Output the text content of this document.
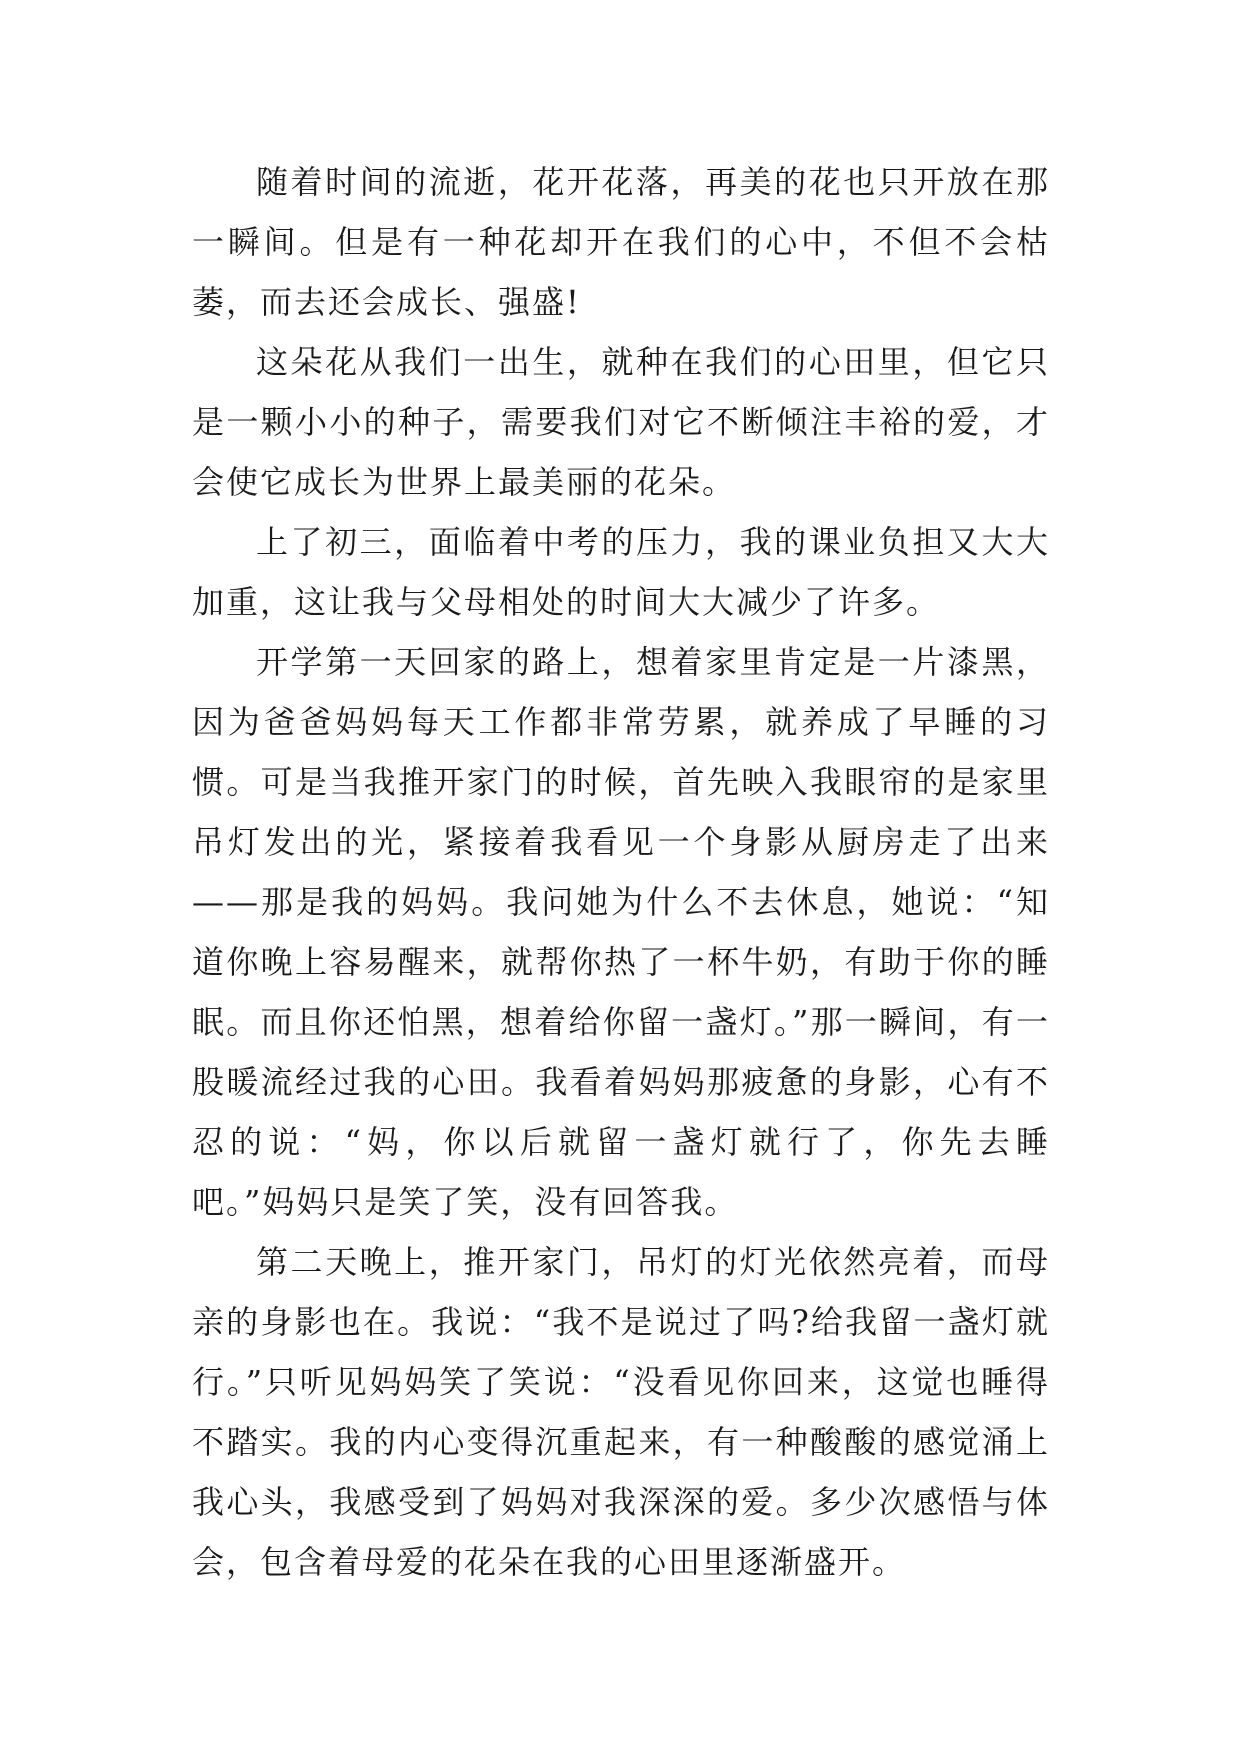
随着时间的流逝，花开花落，再美的花也只开放在那一瞬间。但是有一种花却开在我们的心中，不但不会枯萎，而去还会成长、强盛!

这朵花从我们一出生，就种在我们的心田里，但它只是一颗小小的种子，需要我们对它不断倾注丰裕的爱，才会使它成长为世界上最美丽的花朵。

上了初三，面临着中考的压力，我的课业负担又大大加重，这让我与父母相处的时间大大减少了许多。

开学第一天回家的路上，想着家里肯定是一片漆黑，因为爸爸妈妈每天工作都非常劳累，就养成了早睡的习惯。可是当我推开家门的时候，首先映入我眼帘的是家里吊灯发出的光，紧接着我看见一个身影从厨房走了出来——那是我的妈妈。我问她为什么不去休息，她说：“知道你晚上容易醒来，就帮你热了一杯牛奶，有助于你的睡眠。而且你还怕黑，想着给你留一盏灯。”那一瞬间，有一股暖流经过我的心田。我看着妈妈那疲惫的身影，心有不忍的说：“妈，你以后就留一盏灯就行了，你先去睡吧。”妈妈只是笑了笑，没有回答我。

第二天晚上，推开家门，吊灯的灯光依然亮着，而母亲的身影也在。我说：“我不是说过了吗?给我留一盏灯就行。”只听见妈妈笑了笑说：“没看见你回来，这觉也睡得不踏实。我的内心变得沉重起来，有一种酸酸的感觉涌上我心头，我感受到了妈妈对我深深的爱。多少次感悟与体会，包含着母爱的花朵在我的心田里逐渐盛开。
